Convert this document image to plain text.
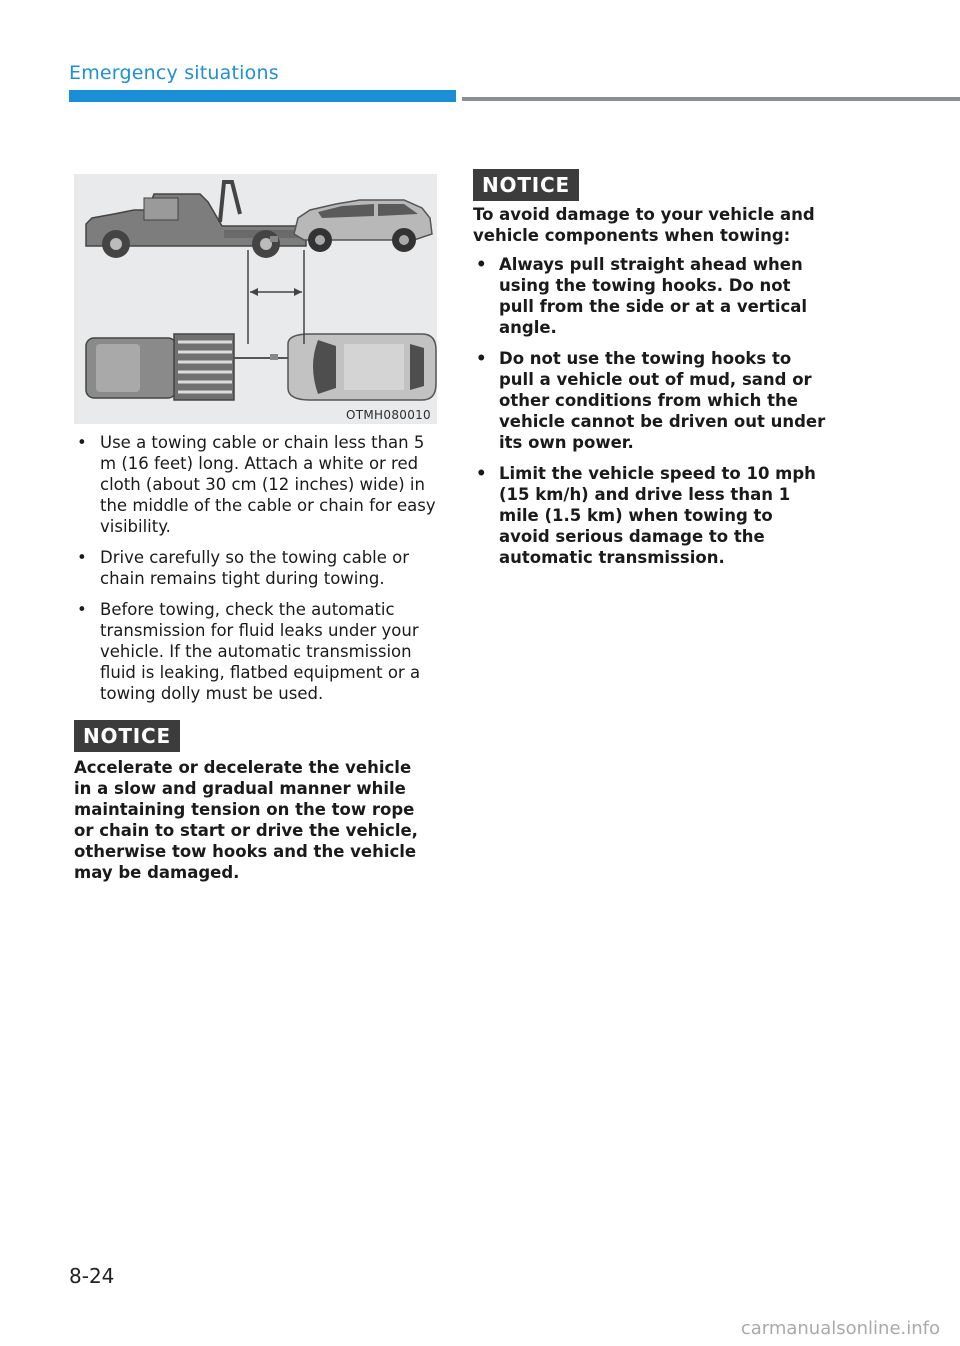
Emergency situations
OTMH080010
• Use a towing cable or chain less than 5 m (16 feet) long. Attach a white or red cloth (about 30 cm (12 inches) wide) in the middle of the cable or chain for easy visibility.
• Drive carefully so the towing cable or chain remains tight during towing.
• Before towing, check the automatic transmission for fluid leaks under your vehicle. If the automatic transmission fluid is leaking, flatbed equipment or a towing dolly must be used.
NOTICE

Accelerate or decelerate the vehicle in a slow and gradual manner while maintaining tension on the tow rope or chain to start or drive the vehicle, otherwise tow hooks and the vehicle may be damaged.

NOTICE

To avoid damage to your vehicle and vehicle components when towing:

• Always pull straight ahead when using the towing hooks. Do not pull from the side or at a vertical angle.
• Do not use the towing hooks to pull a vehicle out of mud, sand or other conditions from which the vehicle cannot be driven out under its own power.
• Limit the vehicle speed to 10 mph (15 km/h) and drive less than 1 mile (1.5 km) when towing to avoid serious damage to the automatic transmission.
8-24
carmanualsonline.info
